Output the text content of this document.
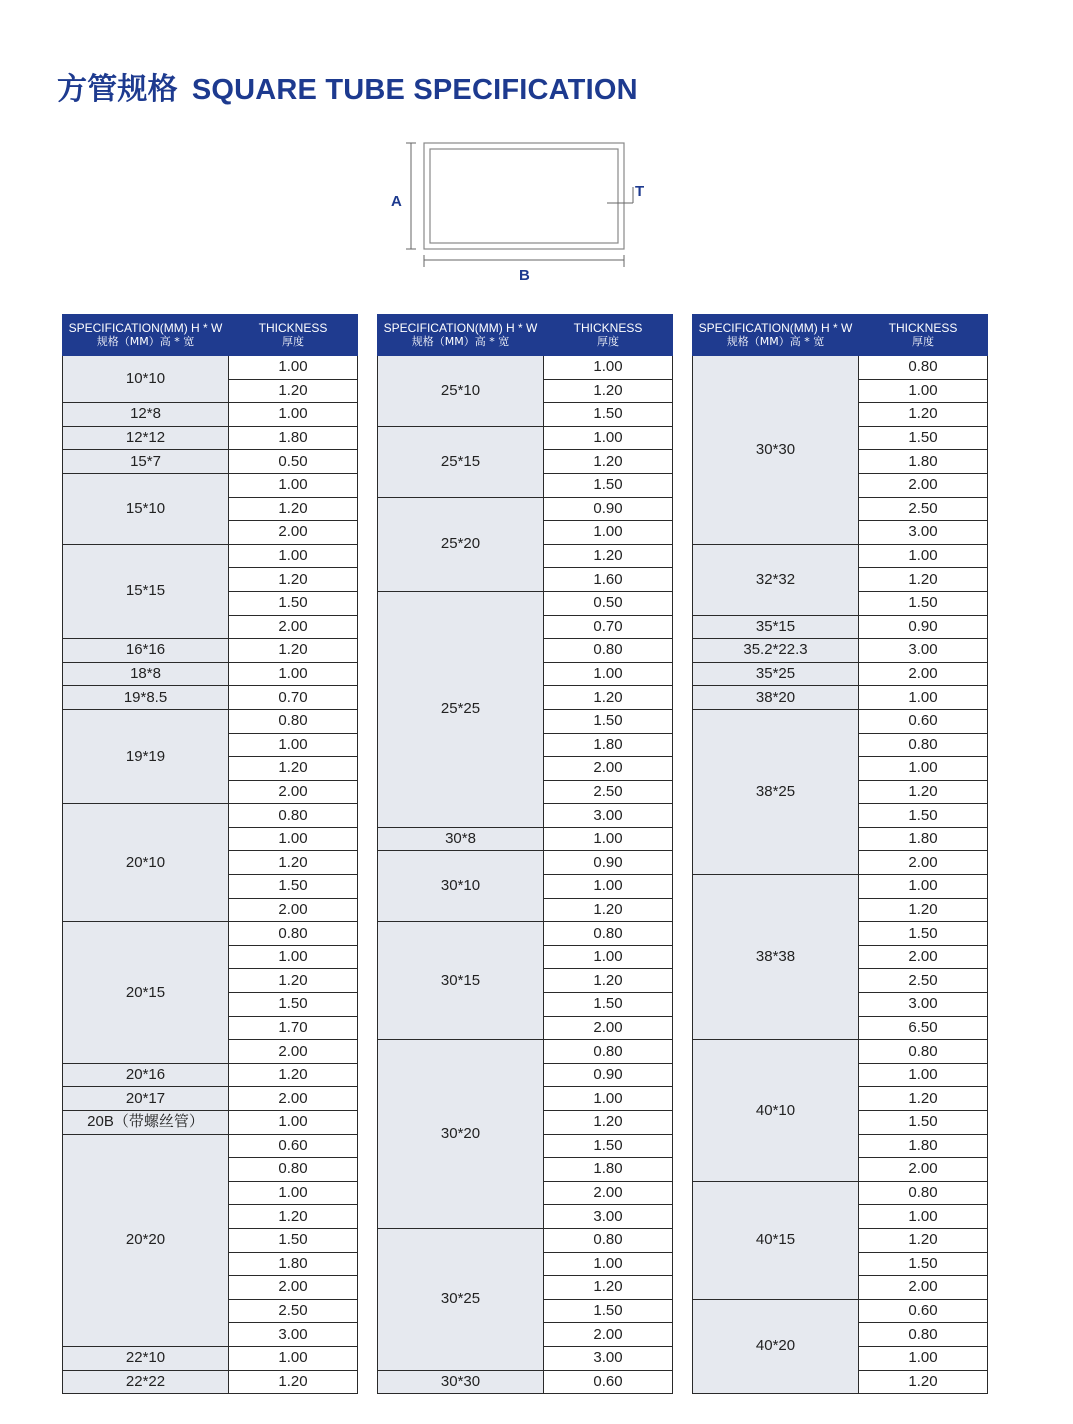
方管规格 SQUARE TUBE SPECIFICATION
A
B
T
SPECIFICATION(MM) H * W
规格（MM）高 * 宽	THICKNESS
厚度
10*10	1.00
	1.20
12*8	1.00
12*12	1.80
15*7	0.50
15*10	1.00
	1.20
	2.00
15*15	1.00
	1.20
	1.50
	2.00
16*16	1.20
18*8	1.00
19*8.5	0.70
19*19	0.80
	1.00
	1.20
	2.00
20*10	0.80
	1.00
	1.20
	1.50
	2.00
20*15	0.80
	1.00
	1.20
	1.50
	1.70
	2.00
20*16	1.20
20*17	2.00
20B（带螺丝管）	1.00
20*20	0.60
	0.80
	1.00
	1.20
	1.50
	1.80
	2.00
	2.50
	3.00
22*10	1.00
22*22	1.20
SPECIFICATION(MM) H * W
规格（MM）高 * 宽	THICKNESS
厚度
25*10	1.00
	1.20
	1.50
25*15	1.00
	1.20
	1.50
25*20	0.90
	1.00
	1.20
	1.60
25*25	0.50
	0.70
	0.80
	1.00
	1.20
	1.50
	1.80
	2.00
	2.50
	3.00
30*8	1.00
30*10	0.90
	1.00
	1.20
30*15	0.80
	1.00
	1.20
	1.50
	2.00
30*20	0.80
	0.90
	1.00
	1.20
	1.50
	1.80
	2.00
	3.00
30*25	0.80
	1.00
	1.20
	1.50
	2.00
	3.00
30*30	0.60
SPECIFICATION(MM) H * W
规格（MM）高 * 宽	THICKNESS
厚度
30*30	0.80
	1.00
	1.20
	1.50
	1.80
	2.00
	2.50
	3.00
32*32	1.00
	1.20
	1.50
35*15	0.90
35.2*22.3	3.00
35*25	2.00
38*20	1.00
38*25	0.60
	0.80
	1.00
	1.20
	1.50
	1.80
	2.00
38*38	1.00
	1.20
	1.50
	2.00
	2.50
	3.00
	6.50
40*10	0.80
	1.00
	1.20
	1.50
	1.80
	2.00
40*15	0.80
	1.00
	1.20
	1.50
	2.00
40*20	0.60
	0.80
	1.00
	1.20
